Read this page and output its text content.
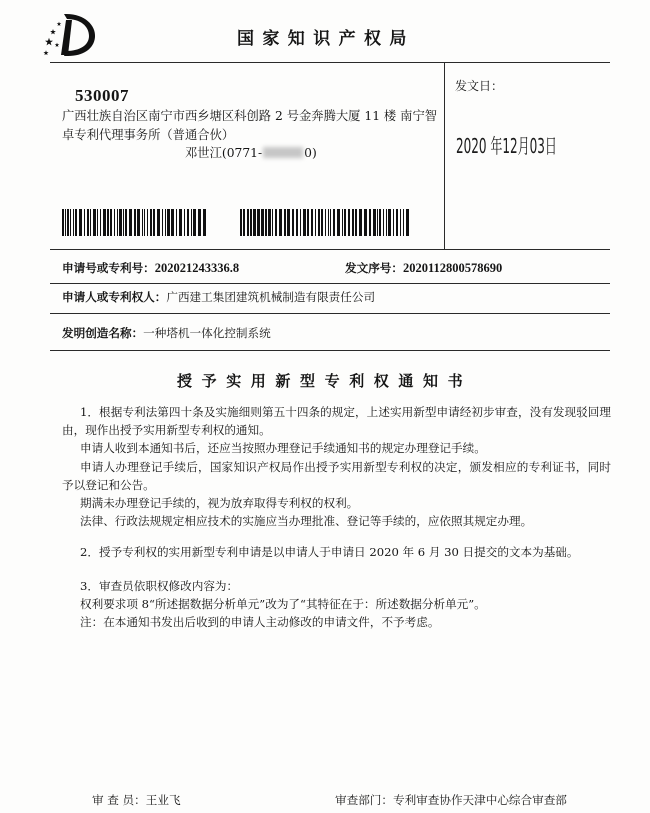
国家知识产权局
530007
广西壮族自治区南宁市西乡塘区科创路 2 号金奔腾大厦 11 楼 南宁智卓专利代理事务所（普通合伙）
邓世江(0771-	0)
发文日：
2020 年12月03日
申请号或专利号：202021243336.8	发文序号：2020112800578690
申请人或专利权人：广西建工集团建筑机械制造有限责任公司
发明创造名称：一种塔机一体化控制系统
授予实用新型专利权通知书

1．根据专利法第四十条及实施细则第五十四条的规定，上述实用新型申请经初步审查，没有发现驳回理由，现作出授予实用新型专利权的通知。

申请人收到本通知书后，还应当按照办理登记手续通知书的规定办理登记手续。

申请人办理登记手续后，国家知识产权局作出授予实用新型专利权的决定，颁发相应的专利证书，同时予以登记和公告。

期满未办理登记手续的，视为放弃取得专利权的权利。

法律、行政法规规定相应技术的实施应当办理批准、登记等手续的，应依照其规定办理。

2．授予专利权的实用新型专利申请是以申请人于申请日 2020 年 6 月 30 日提交的文本为基础。

3．审查员依职权修改内容为：

权利要求项 8“所述据数据分析单元”改为了“其特征在于：所述数据分析单元”。

注：在本通知书发出后收到的申请人主动修改的申请文件，不予考虑。

审 查 员：王业飞	审查部门：专利审查协作天津中心综合审查部
